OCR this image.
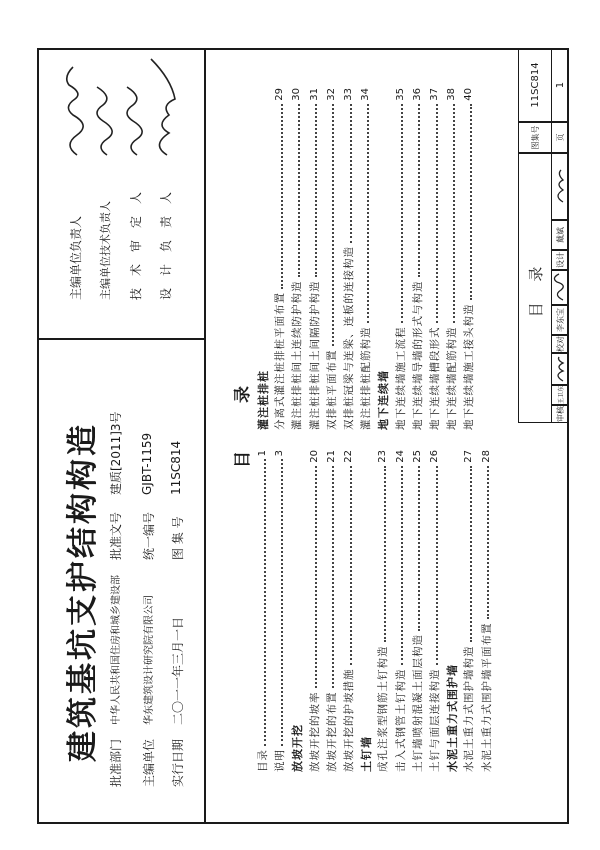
建筑基坑支护结构构造
批准部门
中华人民共和国住房和城乡建设部
批准文号
建质[2011]3号
主编单位
华东建筑设计研究院有限公司
统一编号
GJBT-1159
实行日期
二〇一一年三月一日
图 集 号
11SC814
主编单位负责人 主编单位技术负责人 技术审定人 设计负责人
目
录
目录
1
说明
3
放坡开挖 放坡开挖的坡率
20
放坡开挖的布置
21
放坡开挖的护坡措施
22
土钉墙 成孔注浆型钢筋土钉构造
23
击入式钢管土钉构造
24
土钉墙喷射混凝土面层构造
25
土钉与面层连接构造
26
水泥土重力式围护墙 水泥土重力式围护墙构造
27
水泥土重力式围护墙平面布置
28
灌注桩排桩 分离式灌注桩排桩平面布置
29
灌注桩排桩间土连续防护构造
30
灌注桩排桩间土间隔防护构造
31
双排桩平面布置
32
双排桩冠梁与连梁、连板的连接构造
33
灌注桩排桩配筋构造
34
地下连续墙 地下连续墙施工流程
35
地下连续墙导墙的形式与构造
36
地下连续墙槽段形式
37
地下连续墙配筋构造
38
地下连续墙施工接头构造
40
目 录
图集号
11SC814
页
1
审核
王卫东
校对
李东宝
设计
戴斌
